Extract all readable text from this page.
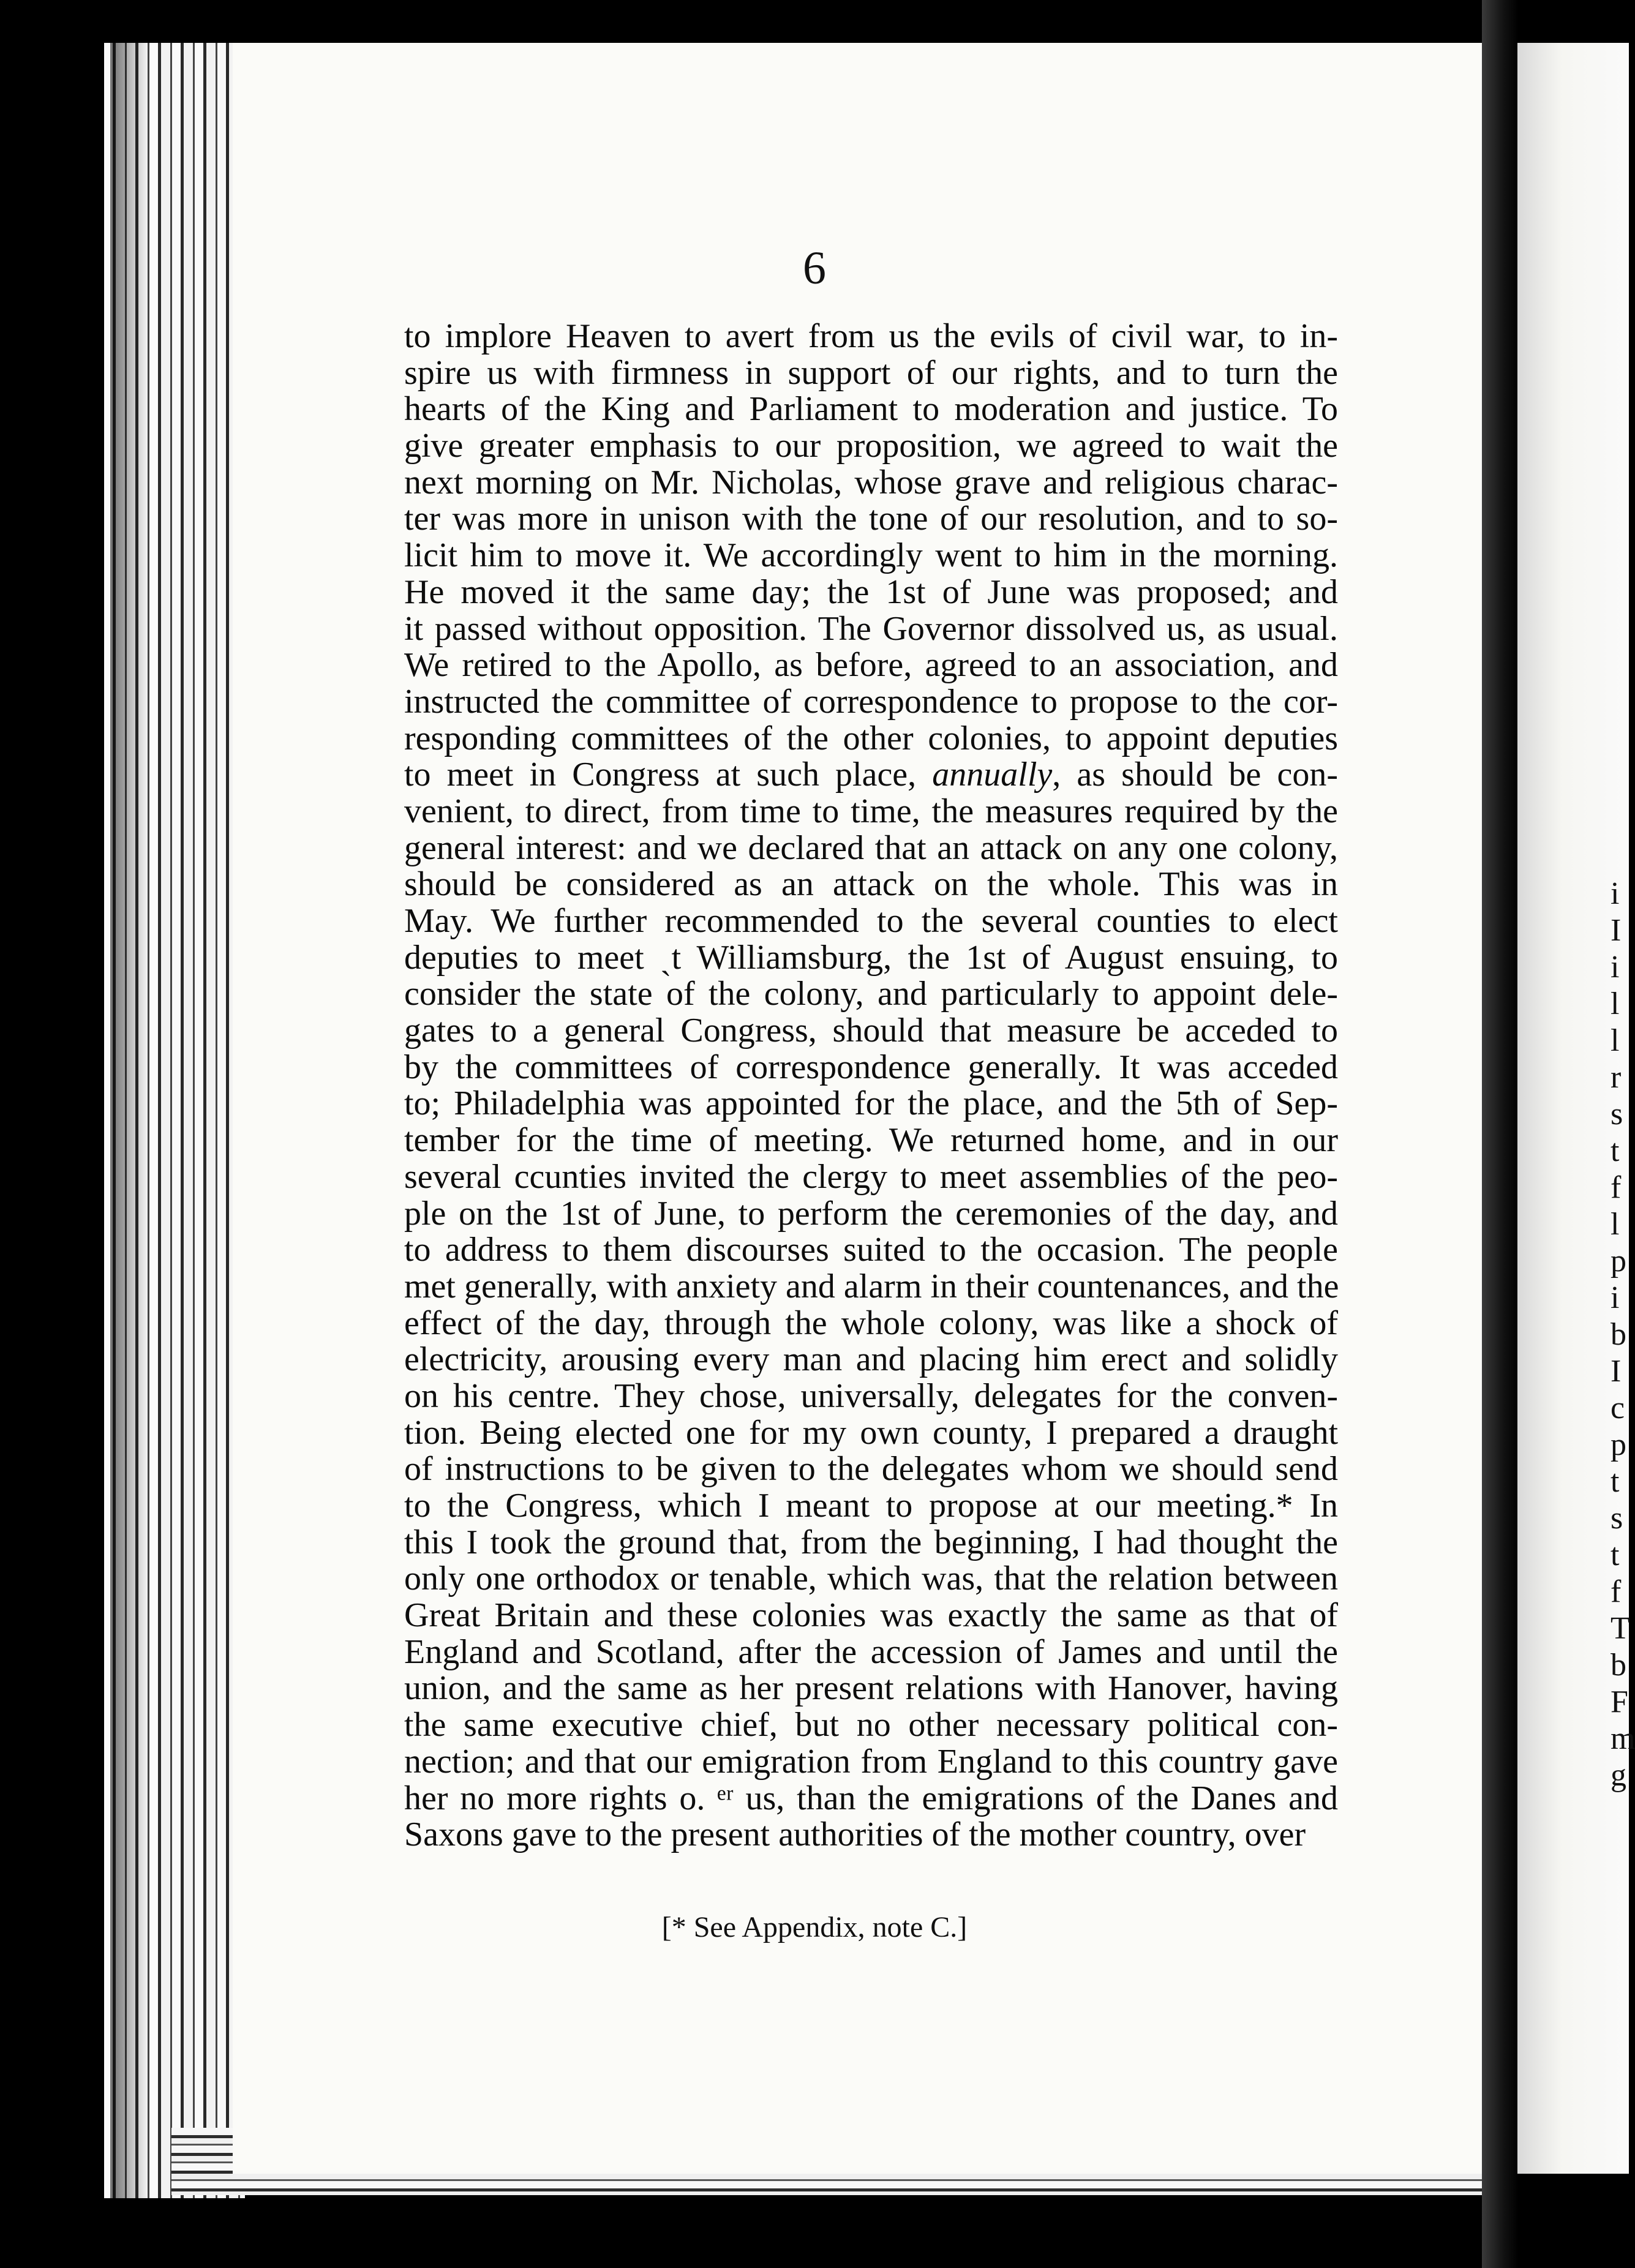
i
I
i
l
l
r
s
t
f
l
p
i
b
I
c
p
t
s
t
f
T
b
F
m
g
6
to implore Heaven to avert from us the evils of civil war, to in-
spire us with firmness in support of our rights, and to turn the
hearts of the King and Parliament to moderation and justice. To
give greater emphasis to our proposition, we agreed to wait the
next morning on Mr. Nicholas, whose grave and religious charac-
ter was more in unison with the tone of our resolution, and to so-
licit him to move it. We accordingly went to him in the morning.
He moved it the same day; the 1st of June was proposed; and
it passed without opposition. The Governor dissolved us, as usual.
We retired to the Apollo, as before, agreed to an association, and
instructed the committee of correspondence to propose to the cor-
responding committees of the other colonies, to appoint deputies
to meet in Congress at such place, annually, as should be con-
venient, to direct, from time to time, the measures required by the
general interest: and we declared that an attack on any one colony,
should be considered as an attack on the whole. This was in
May. We further recommended to the several counties to elect
deputies to meet ˎt Williamsburg, the 1st of August ensuing, to
consider the state of the colony, and particularly to appoint dele-
gates to a general Congress, should that measure be acceded to
by the committees of correspondence generally. It was acceded
to; Philadelphia was appointed for the place, and the 5th of Sep-
tember for the time of meeting. We returned home, and in our
several ccunties invited the clergy to meet assemblies of the peo-
ple on the 1st of June, to perform the ceremonies of the day, and
to address to them discourses suited to the occasion. The people
met generally, with anxiety and alarm in their countenances, and the
effect of the day, through the whole colony, was like a shock of
electricity, arousing every man and placing him erect and solidly
on his centre. They chose, universally, delegates for the conven-
tion. Being elected one for my own county, I prepared a draught
of instructions to be given to the delegates whom we should send
to the Congress, which I meant to propose at our meeting.* In
this I took the ground that, from the beginning, I had thought the
only one orthodox or tenable, which was, that the relation between
Great Britain and these colonies was exactly the same as that of
England and Scotland, after the accession of James and until the
union, and the same as her present relations with Hanover, having
the same executive chief, but no other necessary political con-
nection; and that our emigration from England to this country gave
her no more rights o. ᵉʳ us, than the emigrations of the Danes and
Saxons gave to the present authorities of the mother country, over
[* See Appendix, note C.]
